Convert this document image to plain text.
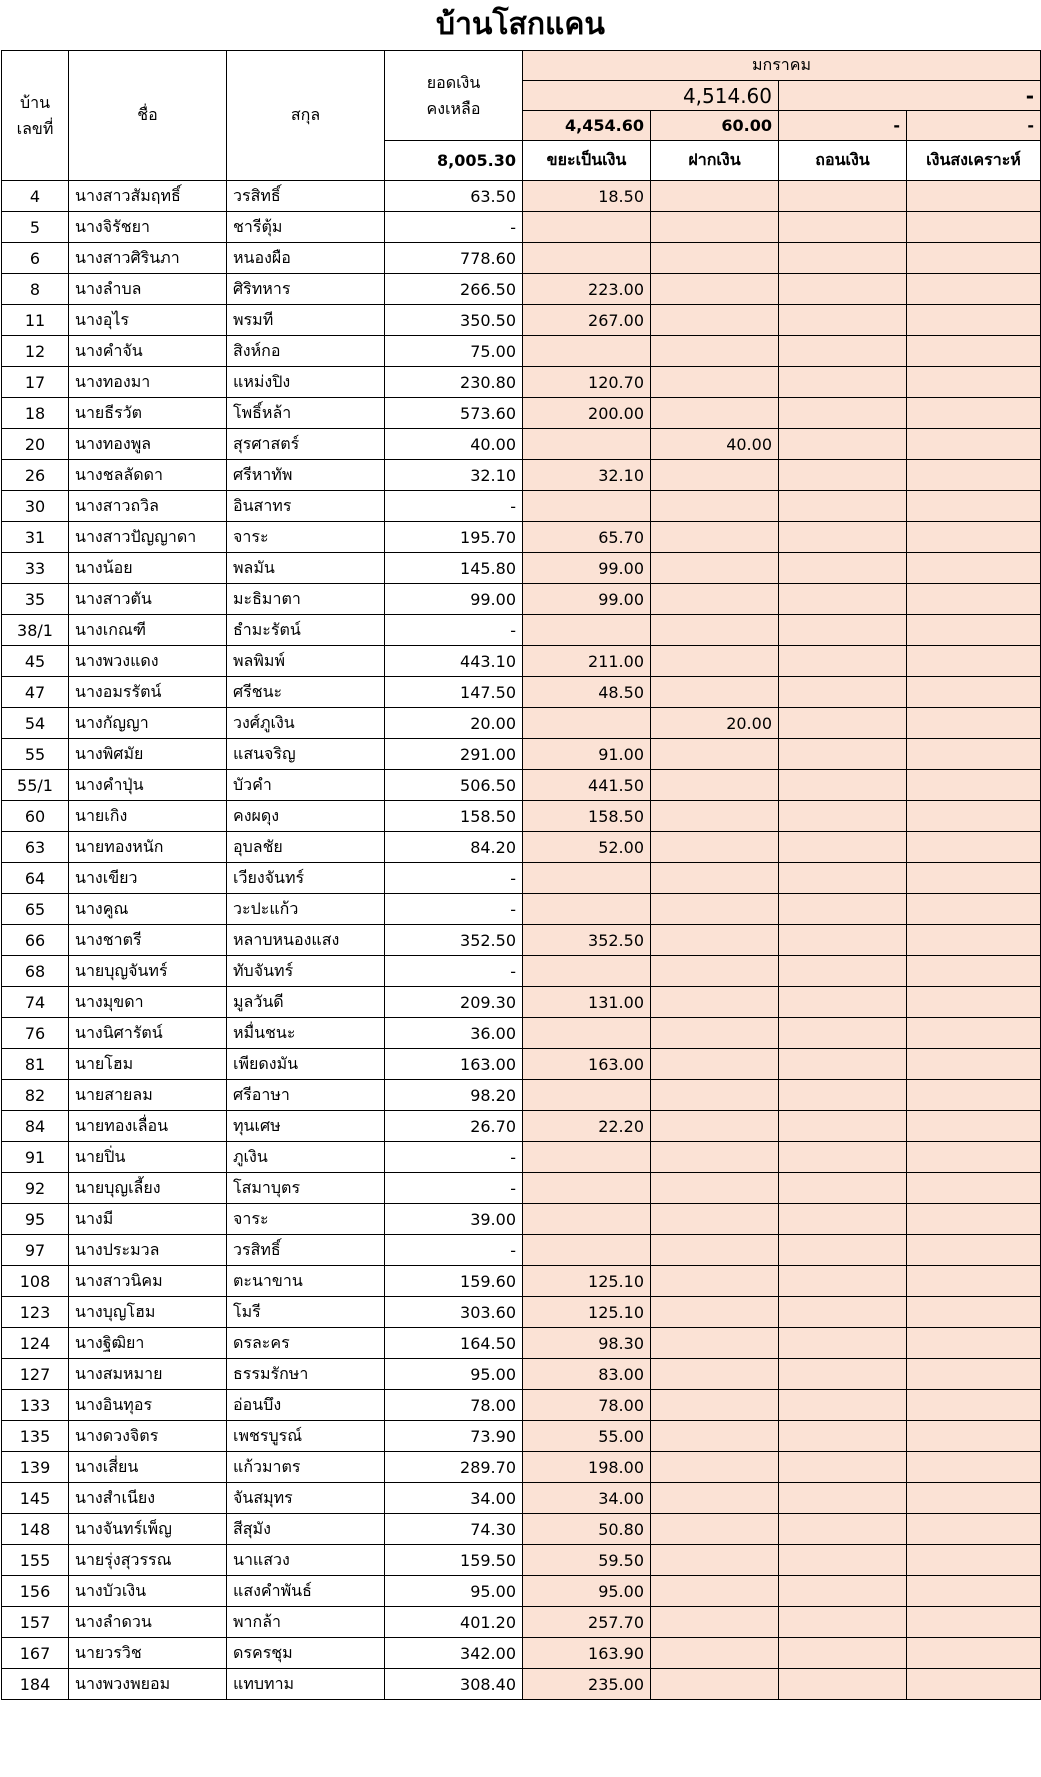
บ้านโสกแคน
บ้าน
เลขที่	ชื่อ	สกุล	ยอดเงิน
คงเหลือ	มกราคม			
				4,514.60		-	
				4,454.60	60.00	-	-
			8,005.30	ขยะเป็นเงิน	ฝากเงิน	ถอนเงิน	เงินสงเคราะห์
4	นางสาวสัมฤทธิ์	วรสิทธิ์	63.50	18.50			
5	นางจิรัชยา	ชารีตุ้ม	-				
6	นางสาวศิรินภา	หนองผือ	778.60				
8	นางลำบล	ศิริทหาร	266.50	223.00			
11	นางอุไร	พรมที	350.50	267.00			
12	นางคำจัน	สิงห์กอ	75.00				
17	นางทองมา	แหม่งปิง	230.80	120.70			
18	นายธีรวัต	โพธิ์หล้า	573.60	200.00			
20	นางทองพูล	สุรศาสตร์	40.00		40.00		
26	นางชลลัดดา	ศรีหาทัพ	32.10	32.10			
30	นางสาวถวิล	อินสาทร	-				
31	นางสาวปัญญาดา	จาระ	195.70	65.70			
33	นางน้อย	พลมัน	145.80	99.00			
35	นางสาวตัน	มะธิมาตา	99.00	99.00			
38/1	นางเกณฑี	ธำมะรัตน์	-				
45	นางพวงแดง	พลพิมพ์	443.10	211.00			
47	นางอมรรัตน์	ศรีชนะ	147.50	48.50			
54	นางกัญญา	วงศ์ภูเงิน	20.00		20.00		
55	นางพิศมัย	แสนจริญ	291.00	91.00			
55/1	นางคำปุ่น	บัวคำ	506.50	441.50			
60	นายเกิง	คงผดุง	158.50	158.50			
63	นายทองหนัก	อุบลชัย	84.20	52.00			
64	นางเขียว	เวียงจันทร์	-				
65	นางคูณ	วะปะแก้ว	-				
66	นางชาตรี	หลาบหนองแสง	352.50	352.50			
68	นายบุญจันทร์	ทับจันทร์	-				
74	นางมุขดา	มูลวันดี	209.30	131.00			
76	นางนิศารัตน์	หมื่นชนะ	36.00				
81	นายโฮม	เพียดงมัน	163.00	163.00			
82	นายสายลม	ศรีอาษา	98.20				
84	นายทองเลื่อน	ทุนเศษ	26.70	22.20			
91	นายปิ่น	ภูเงิน	-				
92	นายบุญเลี้ยง	โสมาบุตร	-				
95	นางมี	จาระ	39.00				
97	นางประมวล	วรสิทธิ์	-				
108	นางสาวนิคม	ตะนาขาน	159.60	125.10			
123	นางบุญโฮม	โมรี	303.60	125.10			
124	นางฐิฒิยา	ดรละคร	164.50	98.30			
127	นางสมหมาย	ธรรมรักษา	95.00	83.00			
133	นางอินทุอร	อ่อนบึง	78.00	78.00			
135	นางดวงจิตร	เพชรบูรณ์	73.90	55.00			
139	นางเสี่ยน	แก้วมาตร	289.70	198.00			
145	นางสำเนียง	จันสมุทร	34.00	34.00			
148	นางจันทร์เพ็ญ	สีสุมัง	74.30	50.80			
155	นายรุ่งสุวรรณ	นาแสวง	159.50	59.50			
156	นางบัวเงิน	แสงคำพันธ์	95.00	95.00			
157	นางลำดวน	พากล้า	401.20	257.70			
167	นายวรวิช	ดรครชุม	342.00	163.90			
184	นางพวงพยอม	แทบทาม	308.40	235.00			
